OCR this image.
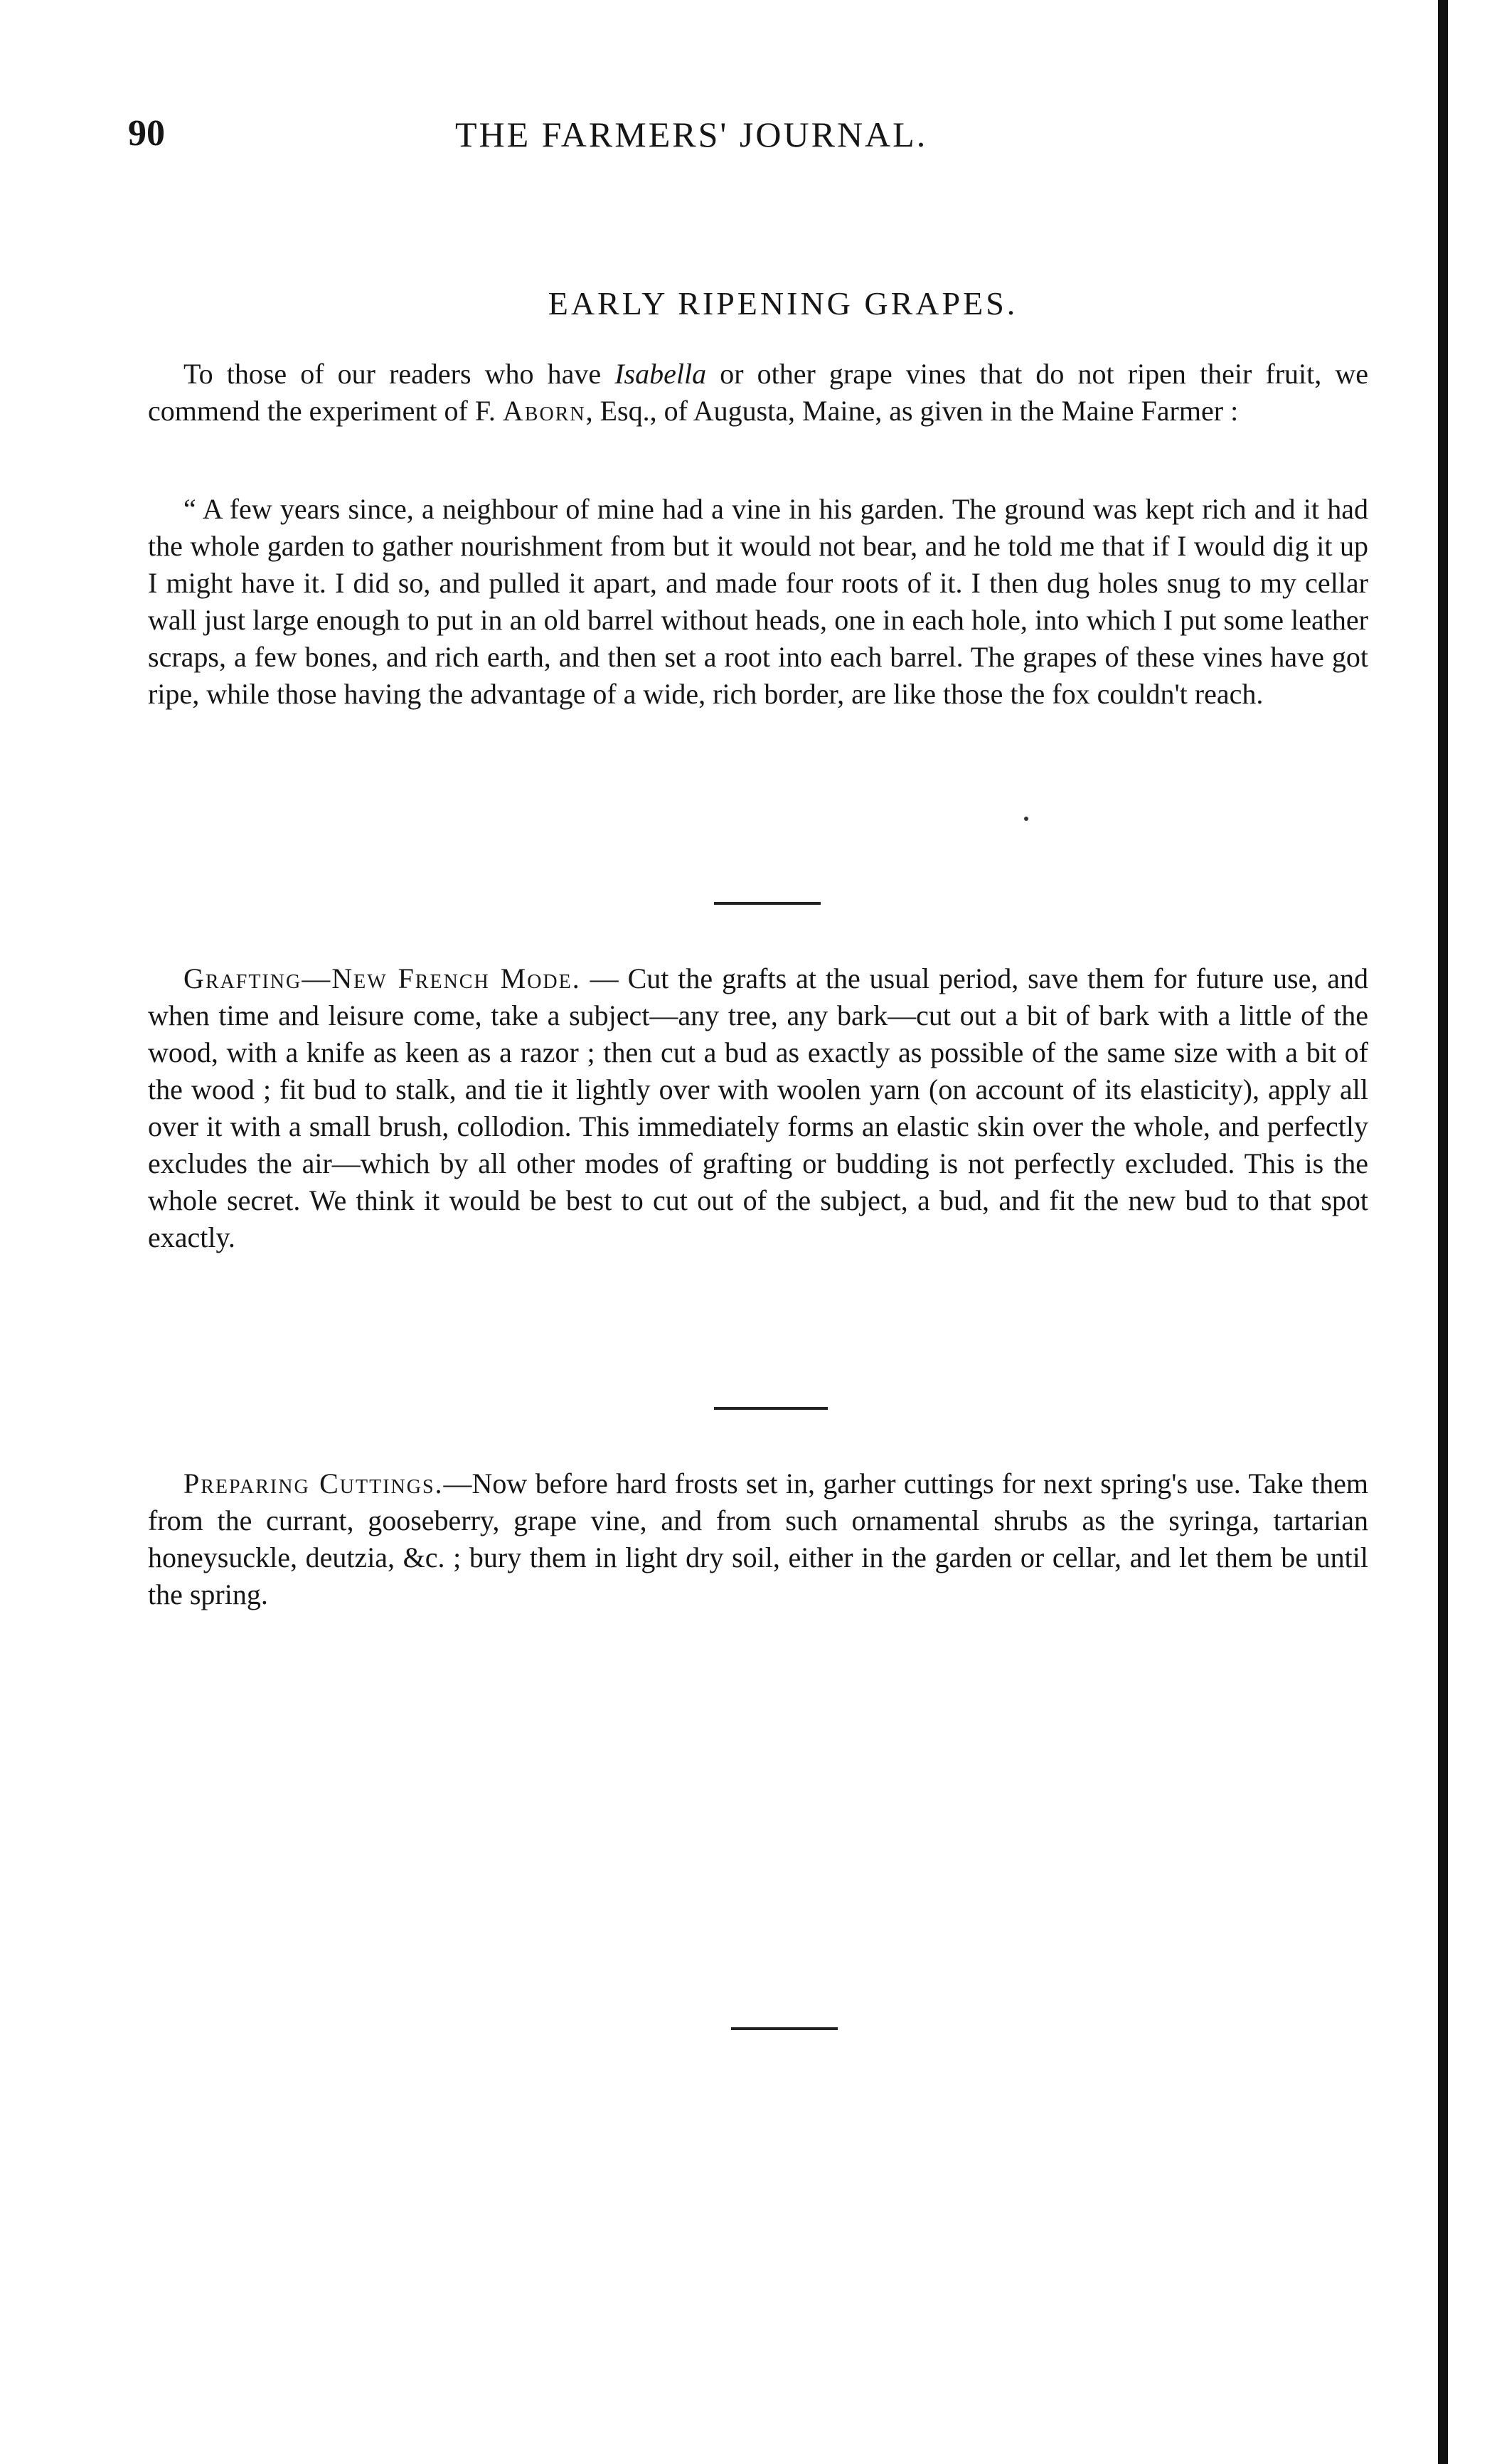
90	THE FARMERS' JOURNAL.
EARLY RIPENING GRAPES.

To those of our readers who have Isabella or other grape vines that do not ripen their fruit, we commend the experiment of F. Aborn, Esq., of Augusta, Maine, as given in the Maine Farmer :

“ A few years since, a neighbour of mine had a vine in his garden. The ground was kept rich and it had the whole garden to gather nourishment from but it would not bear, and he told me that if I would dig it up I might have it. I did so, and pulled it apart, and made four roots of it. I then dug holes snug to my cellar wall just large enough to put in an old barrel without heads, one in each hole, into which I put some leather scraps, a few bones, and rich earth, and then set a root into each barrel. The grapes of these vines have got ripe, while those having the advantage of a wide, rich border, are like those the fox couldn't reach.

Grafting—New French Mode. — Cut the grafts at the usual period, save them for future use, and when time and leisure come, take a subject—any tree, any bark—cut out a bit of bark with a little of the wood, with a knife as keen as a razor ; then cut a bud as exactly as possible of the same size with a bit of the wood ; fit bud to stalk, and tie it lightly over with woolen yarn (on account of its elasticity), apply all over it with a small brush, collodion. This immediately forms an elastic skin over the whole, and perfectly excludes the air—which by all other modes of grafting or budding is not perfectly excluded. This is the whole secret. We think it would be best to cut out of the subject, a bud, and fit the new bud to that spot exactly.

Preparing Cuttings.—Now before hard frosts set in, garher cuttings for next spring's use. Take them from the currant, gooseberry, grape vine, and from such ornamental shrubs as the syringa, tartarian honeysuckle, deutzia, &c. ; bury them in light dry soil, either in the garden or cellar, and let them be until the spring.
